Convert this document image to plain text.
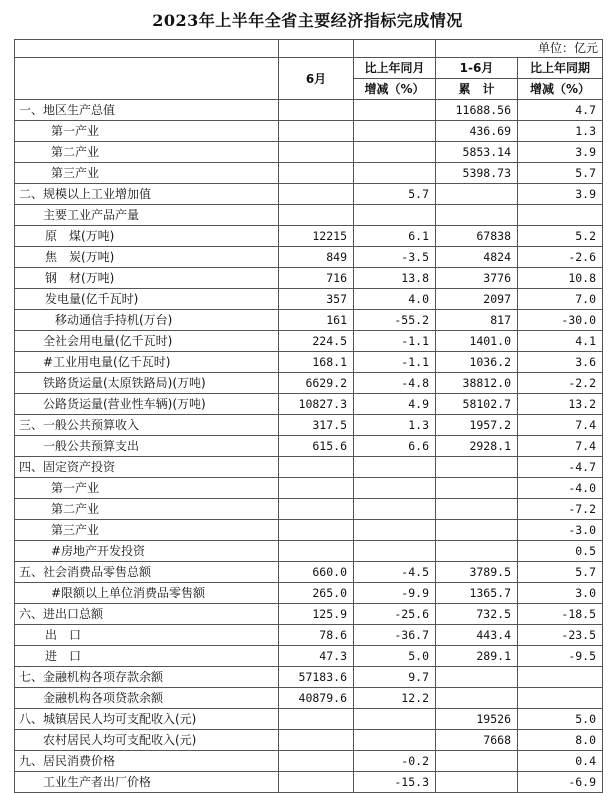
2023年上半年全省主要经济指标完成情况
			单位：亿元	
	6月	比上年同月	1-6月	比上年同期
		增减（%）	累　计	增减（%）
一、地区生产总值			11688.56	4.7
第一产业			436.69	1.3
第二产业			5853.14	3.9
第三产业			5398.73	5.7
二、规模以上工业增加值		5.7		3.9
主要工业产品产量				
原　煤(万吨)	12215	6.1	67838	5.2
焦　炭(万吨)	849	-3.5	4824	-2.6
钢　材(万吨)	716	13.8	3776	10.8
发电量(亿千瓦时)	357	4.0	2097	7.0
移动通信手持机(万台)	161	-55.2	817	-30.0
全社会用电量(亿千瓦时)	224.5	-1.1	1401.0	4.1
#工业用电量(亿千瓦时)	168.1	-1.1	1036.2	3.6
铁路货运量(太原铁路局)(万吨)	6629.2	-4.8	38812.0	-2.2
公路货运量(营业性车辆)(万吨)	10827.3	4.9	58102.7	13.2
三、一般公共预算收入	317.5	1.3	1957.2	7.4
一般公共预算支出	615.6	6.6	2928.1	7.4
四、固定资产投资				-4.7
第一产业				-4.0
第二产业				-7.2
第三产业				-3.0
#房地产开发投资				0.5
五、社会消费品零售总额	660.0	-4.5	3789.5	5.7
#限额以上单位消费品零售额	265.0	-9.9	1365.7	3.0
六、进出口总额	125.9	-25.6	732.5	-18.5
出　口	78.6	-36.7	443.4	-23.5
进　口	47.3	5.0	289.1	-9.5
七、金融机构各项存款余额	57183.6	9.7		
金融机构各项贷款余额	40879.6	12.2		
八、城镇居民人均可支配收入(元)			19526	5.0
农村居民人均可支配收入(元)			7668	8.0
九、居民消费价格		-0.2		0.4
工业生产者出厂价格		-15.3		-6.9
